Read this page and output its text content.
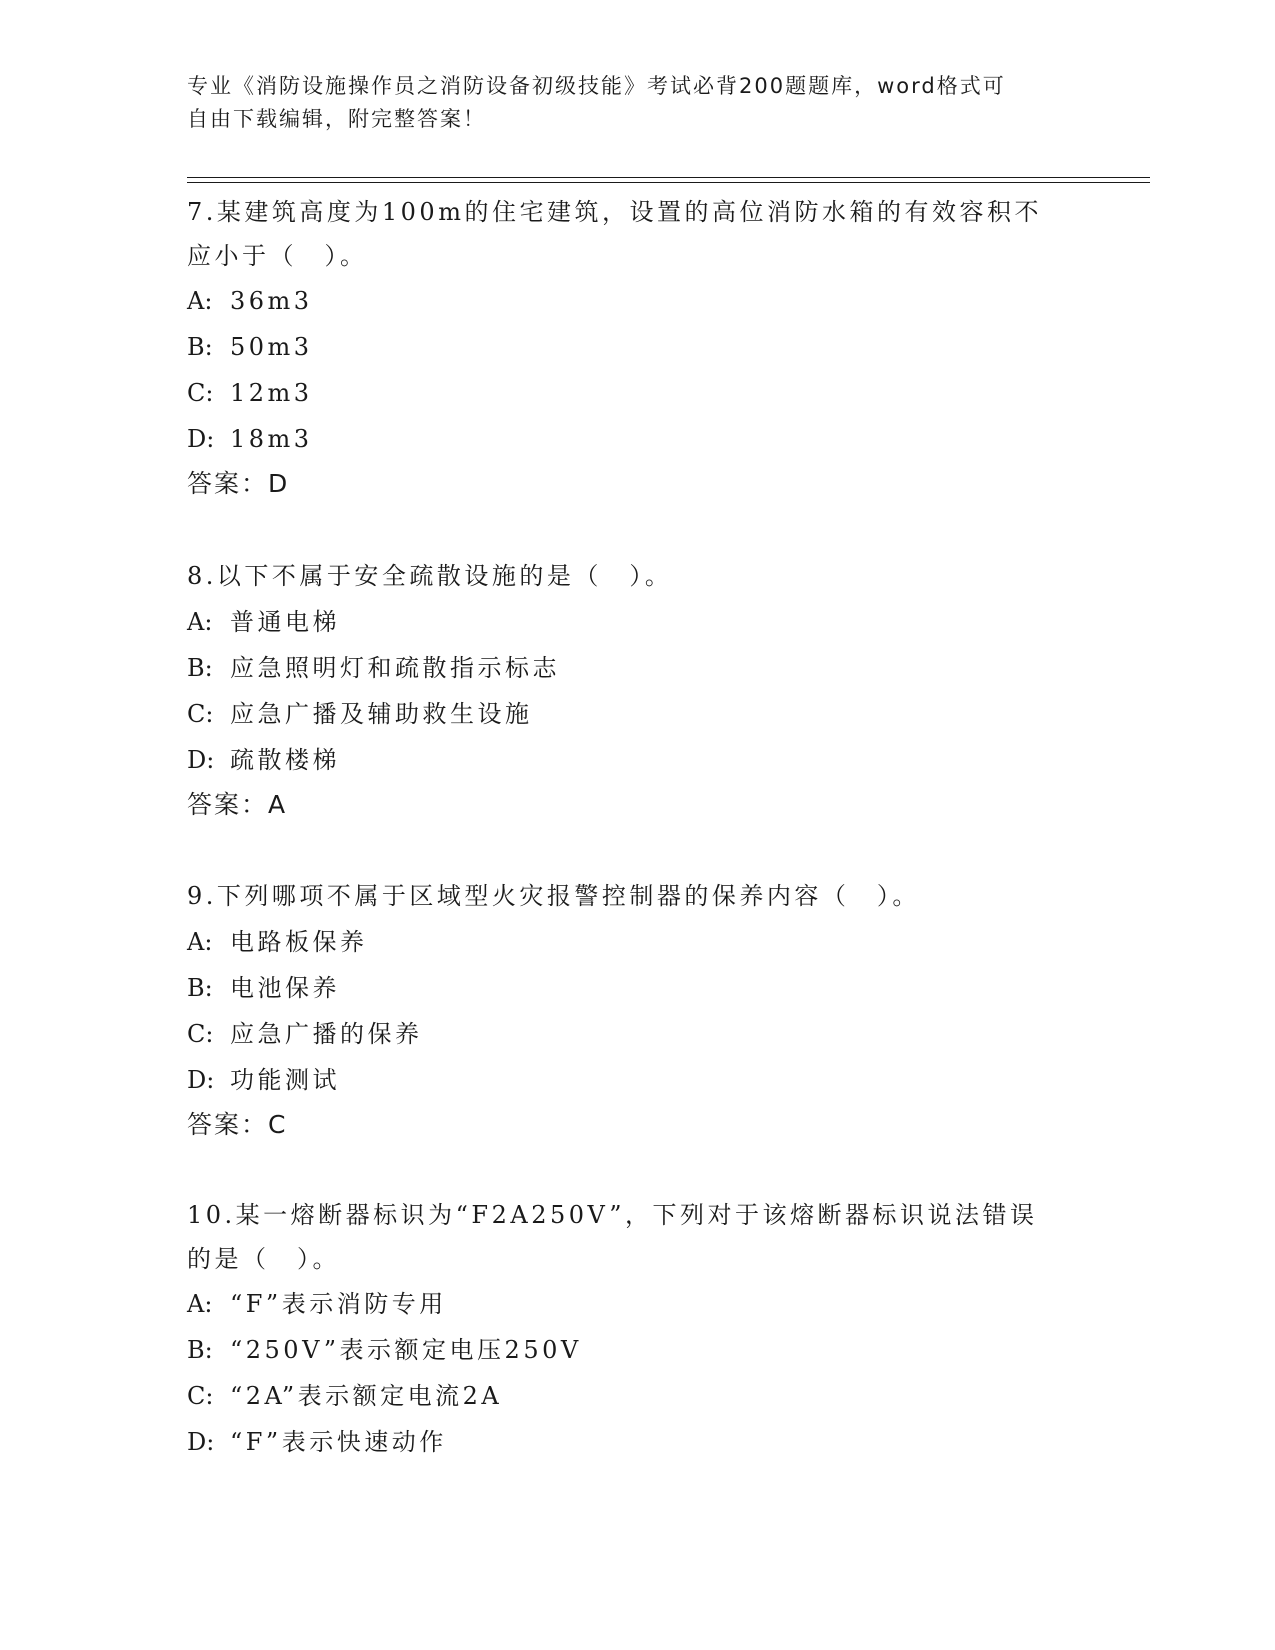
专业《消防设施操作员之消防设备初级技能》考试必背200题题库，word格式可
自由下载编辑，附完整答案！
7.某建筑高度为100m的住宅建筑，设置的高位消防水箱的有效容积不
应小于（　）。
A: 36m3
B: 50m3
C: 12m3
D: 18m3
答案：D
8.以下不属于安全疏散设施的是（　）。
A: 普通电梯
B: 应急照明灯和疏散指示标志
C: 应急广播及辅助救生设施
D: 疏散楼梯
答案：A
9.下列哪项不属于区域型火灾报警控制器的保养内容（　）。
A: 电路板保养
B: 电池保养
C: 应急广播的保养
D: 功能测试
答案：C
10.某一熔断器标识为“F2A250V”，下列对于该熔断器标识说法错误
的是（　）。
A: “F”表示消防专用
B: “250V”表示额定电压250V
C: “2A”表示额定电流2A
D: “F”表示快速动作
